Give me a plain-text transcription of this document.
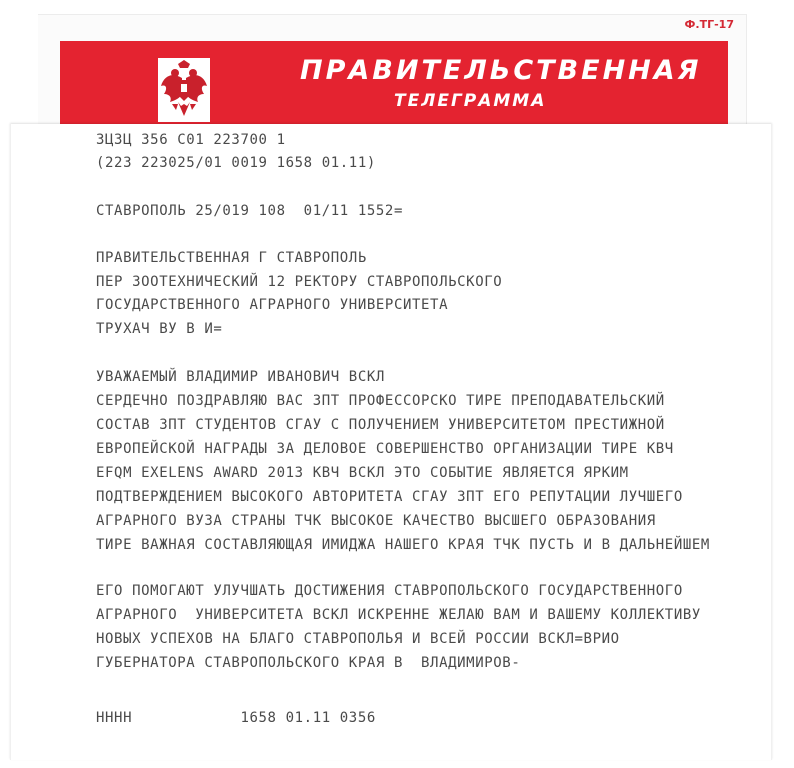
Ф.ТГ-17
ПРАВИТЕЛЬСТВЕННАЯ
ТЕЛЕГРАММА
ЗЦЗЦ 356 С01 223700 1
(223 223025/01 0019 1658 01.11)
СТАВРОПОЛЬ 25/019 108  01/11 1552=
ПРАВИТЕЛЬСТВЕННАЯ Г СТАВРОПОЛЬ
ПЕР ЗООТЕХНИЧЕСКИЙ 12 РЕКТОРУ СТАВРОПОЛЬСКОГО
ГОСУДАРСТВЕННОГО АГРАРНОГО УНИВЕРСИТЕТА
ТРУХАЧ ВУ В И=
УВАЖАЕМЫЙ ВЛАДИМИР ИВАНОВИЧ ВСКЛ
СЕРДЕЧНО ПОЗДРАВЛЯЮ ВАС ЗПТ ПРОФЕССОРСКО ТИРЕ ПРЕПОДАВАТЕЛЬСКИЙ
СОСТАВ ЗПТ СТУДЕНТОВ СГАУ С ПОЛУЧЕНИЕМ УНИВЕРСИТЕТОМ ПРЕСТИЖНОЙ
ЕВРОПЕЙСКОЙ НАГРАДЫ ЗА ДЕЛОВОЕ СОВЕРШЕНСТВО ОРГАНИЗАЦИИ ТИРЕ КВЧ
EFQM EXELENS AWARD 2013 КВЧ ВСКЛ ЭТО СОБЫТИЕ ЯВЛЯЕТСЯ ЯРКИМ
ПОДТВЕРЖДЕНИЕМ ВЫСОКОГО АВТОРИТЕТА СГАУ ЗПТ ЕГО РЕПУТАЦИИ ЛУЧШЕГО
АГРАРНОГО ВУЗА СТРАНЫ ТЧК ВЫСОКОЕ КАЧЕСТВО ВЫСШЕГО ОБРАЗОВАНИЯ
ТИРЕ ВАЖНАЯ СОСТАВЛЯЮЩАЯ ИМИДЖА НАШЕГО КРАЯ ТЧК ПУСТЬ И В ДАЛЬНЕЙШЕМ
ЕГО ПОМОГАЮТ УЛУЧШАТЬ ДОСТИЖЕНИЯ СТАВРОПОЛЬСКОГО ГОСУДАРСТВЕННОГО
АГРАРНОГО  УНИВЕРСИТЕТА ВСКЛ ИСКРЕННЕ ЖЕЛАЮ ВАМ И ВАШЕМУ КОЛЛЕКТИВУ
НОВЫХ УСПЕХОВ НА БЛАГО СТАВРОПОЛЬЯ И ВСЕЙ РОССИИ ВСКЛ=ВРИО
ГУБЕРНАТОРА СТАВРОПОЛЬСКОГО КРАЯ В  ВЛАДИМИРОВ-
НННН            1658 01.11 0356
